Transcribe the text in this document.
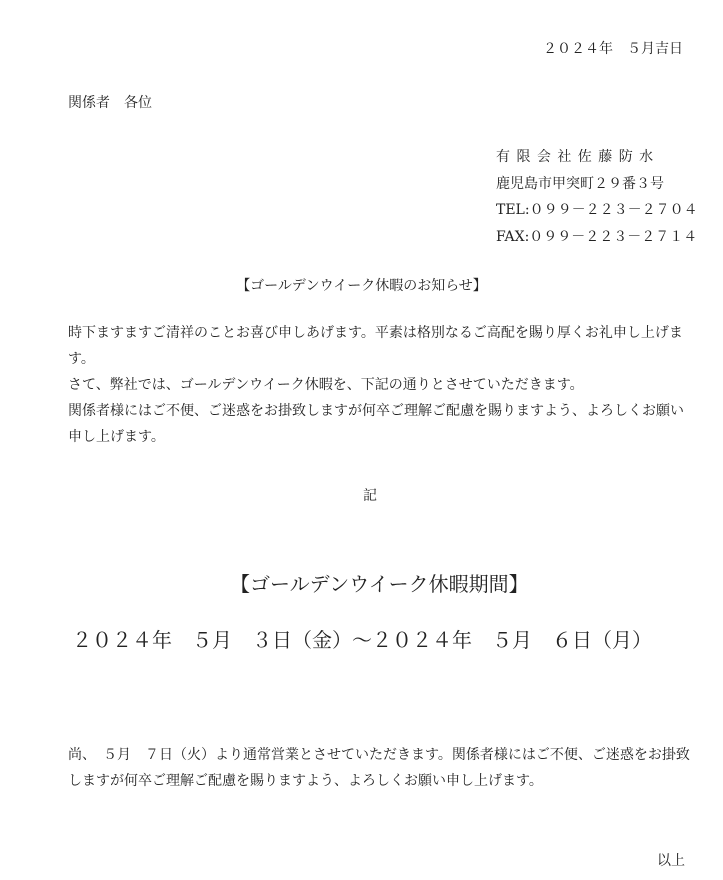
２０２４年　５月吉日
関係者　各位
有 限 会 社 佐 藤 防 水
鹿児島市甲突町２９番３号
TEL:０９９－２２３－２７０４
FAX:０９９－２２３－２７１４
【ゴールデンウイーク休暇のお知らせ】

時下ますますご清祥のことお喜び申しあげます。平素は格別なるご高配を賜り厚くお礼申し上げます。

さて、弊社では、ゴールデンウイーク休暇を、下記の通りとさせていただきます。

関係者様にはご不便、ご迷惑をお掛致しますが何卒ご理解ご配慮を賜りますよう、よろしくお願い申し上げます。

記
【ゴールデンウイーク休暇期間】
２０２４年　５月　３日（金）～２０２４年　５月　６日（月）

尚、　５月　７日（火）より通常営業とさせていただきます。関係者様にはご不便、ご迷惑をお掛致しますが何卒ご理解ご配慮を賜りますよう、よろしくお願い申し上げます。

以上
